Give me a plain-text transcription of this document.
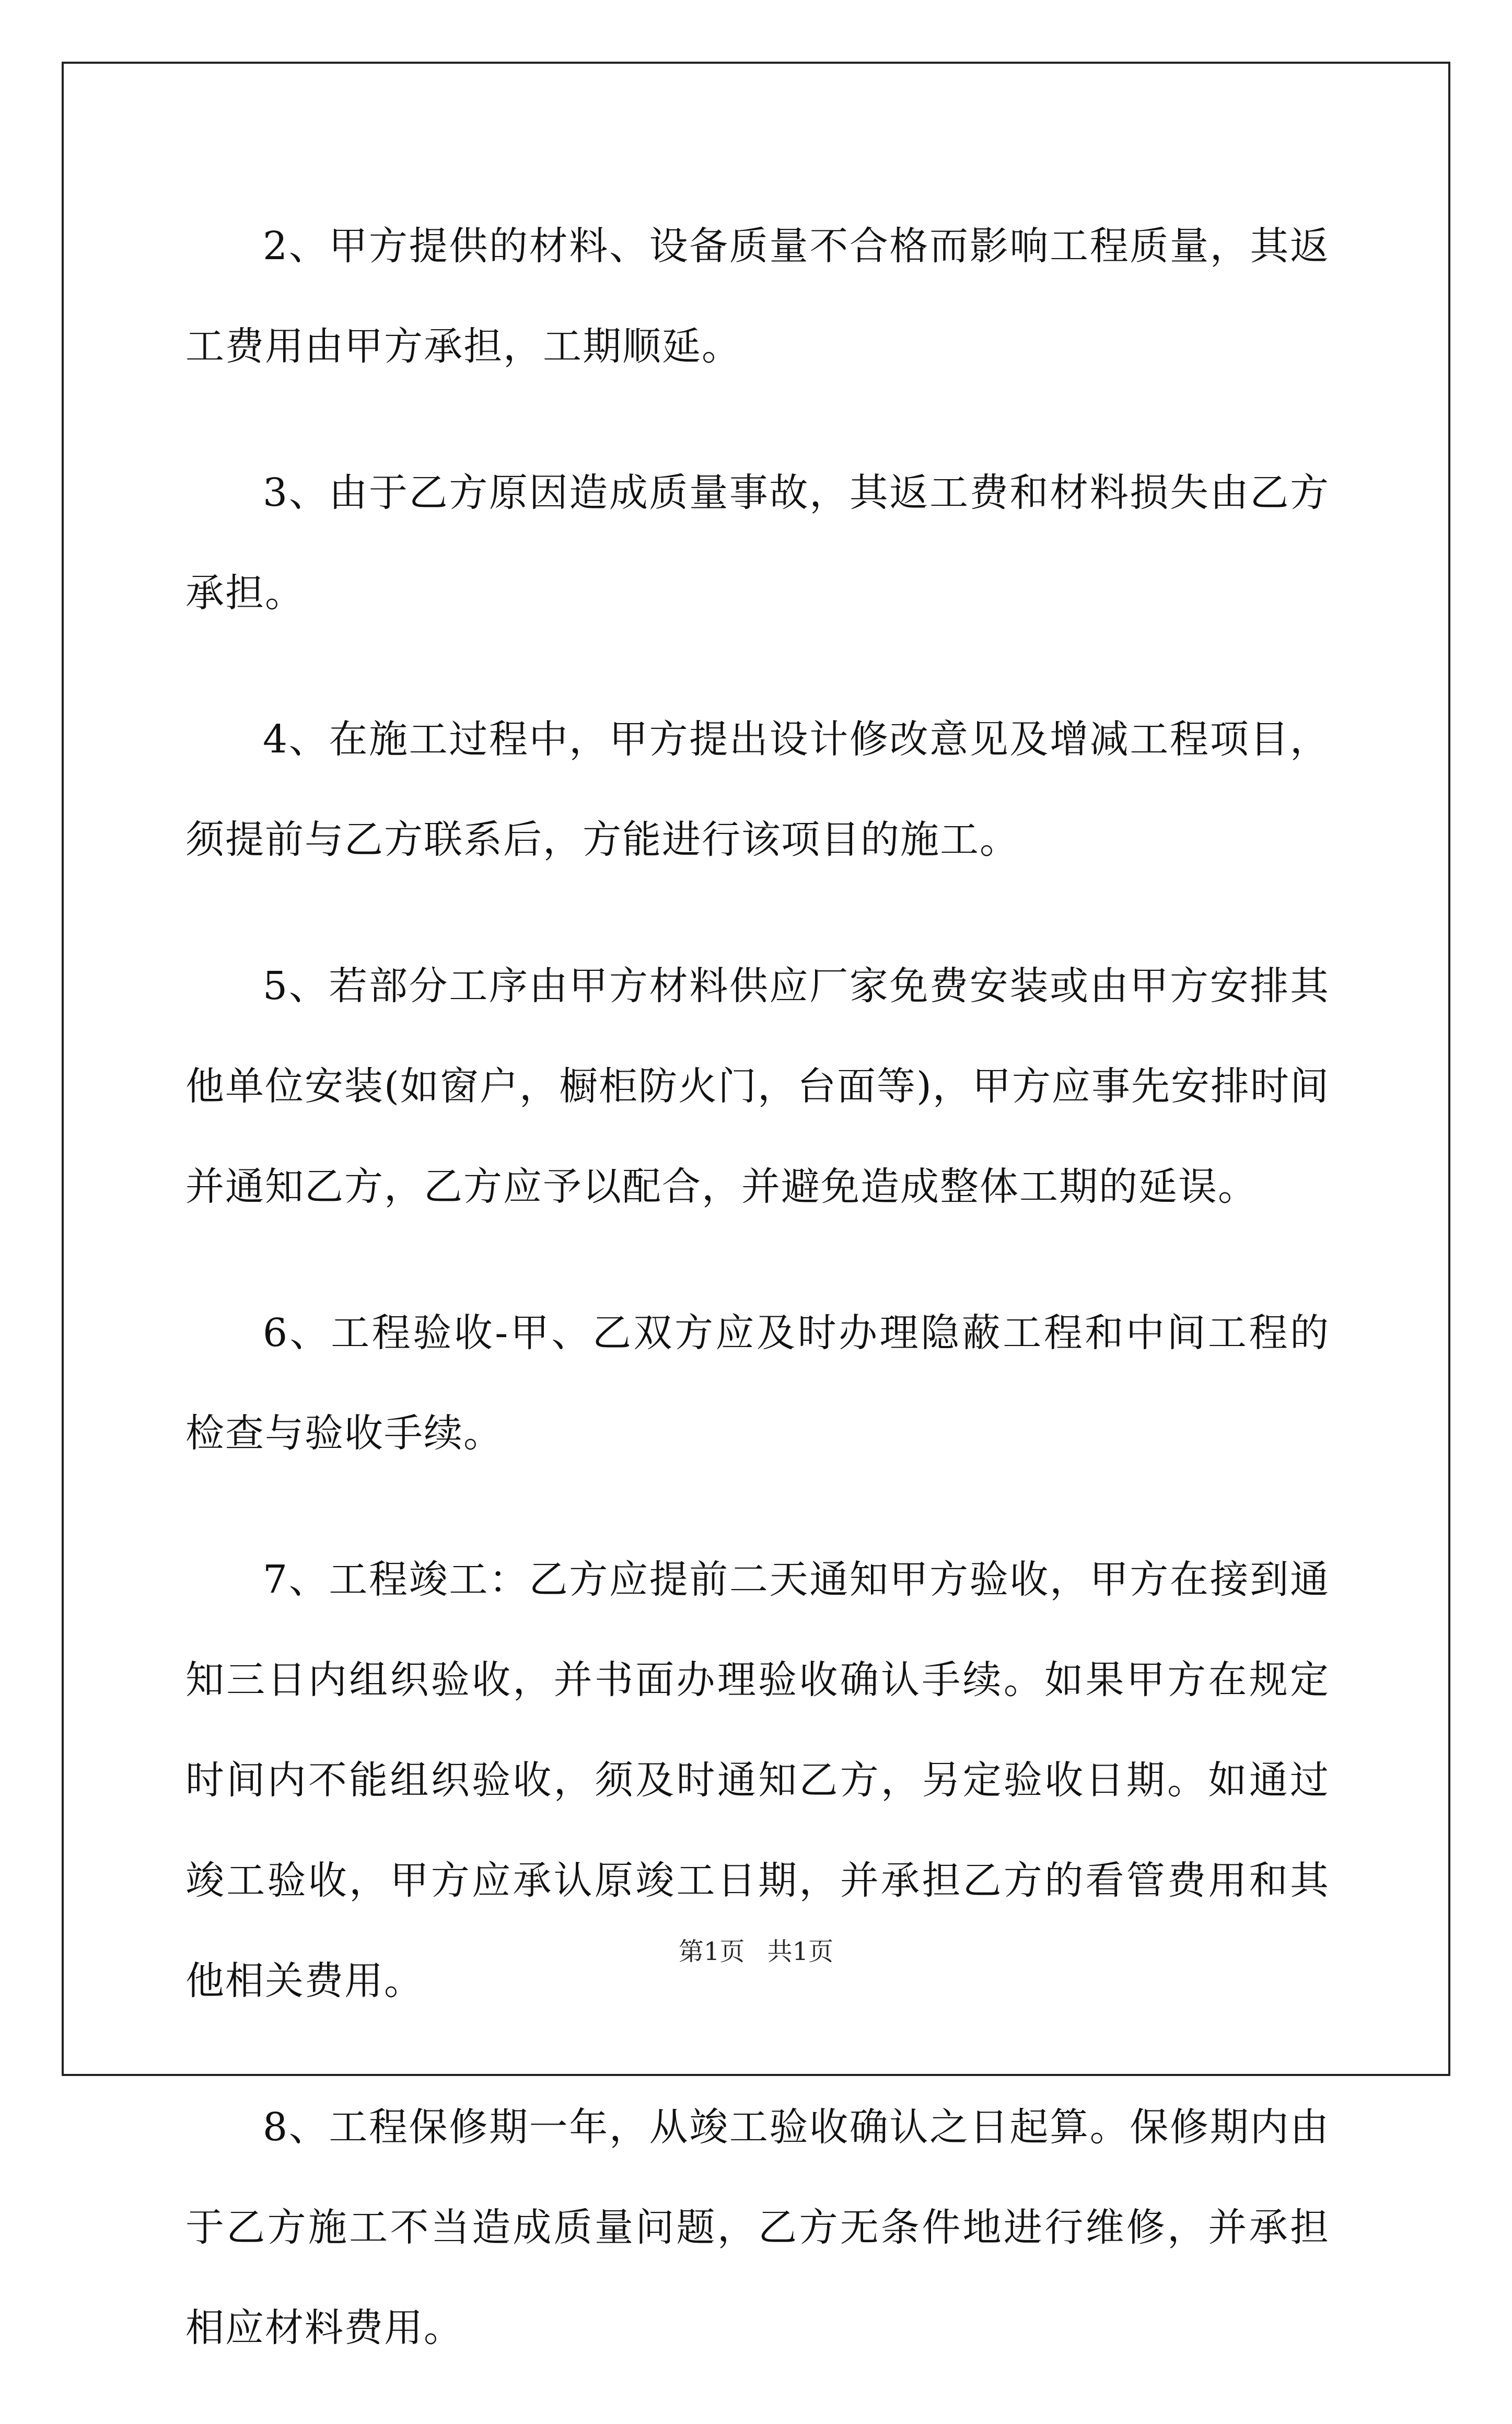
2、甲方提供的材料、设备质量不合格而影响工程质量，其返工费用由甲方承担，工期顺延。

3、由于乙方原因造成质量事故，其返工费和材料损失由乙方承担。

4、在施工过程中，甲方提出设计修改意见及增减工程项目，须提前与乙方联系后，方能进行该项目的施工。

5、若部分工序由甲方材料供应厂家免费安装或由甲方安排其他单位安装(如窗户，橱柜防火门，台面等)，甲方应事先安排时间并通知乙方，乙方应予以配合，并避免造成整体工期的延误。

6、工程验收-甲、乙双方应及时办理隐蔽工程和中间工程的检查与验收手续。

7、工程竣工：乙方应提前二天通知甲方验收，甲方在接到通知三日内组织验收，并书面办理验收确认手续。如果甲方在规定时间内不能组织验收，须及时通知乙方，另定验收日期。如通过竣工验收，甲方应承认原竣工日期，并承担乙方的看管费用和其他相关费用。

8、工程保修期一年，从竣工验收确认之日起算。保修期内由于乙方施工不当造成质量问题，乙方无条件地进行维修，并承担相应材料费用。

第1页 共1页
